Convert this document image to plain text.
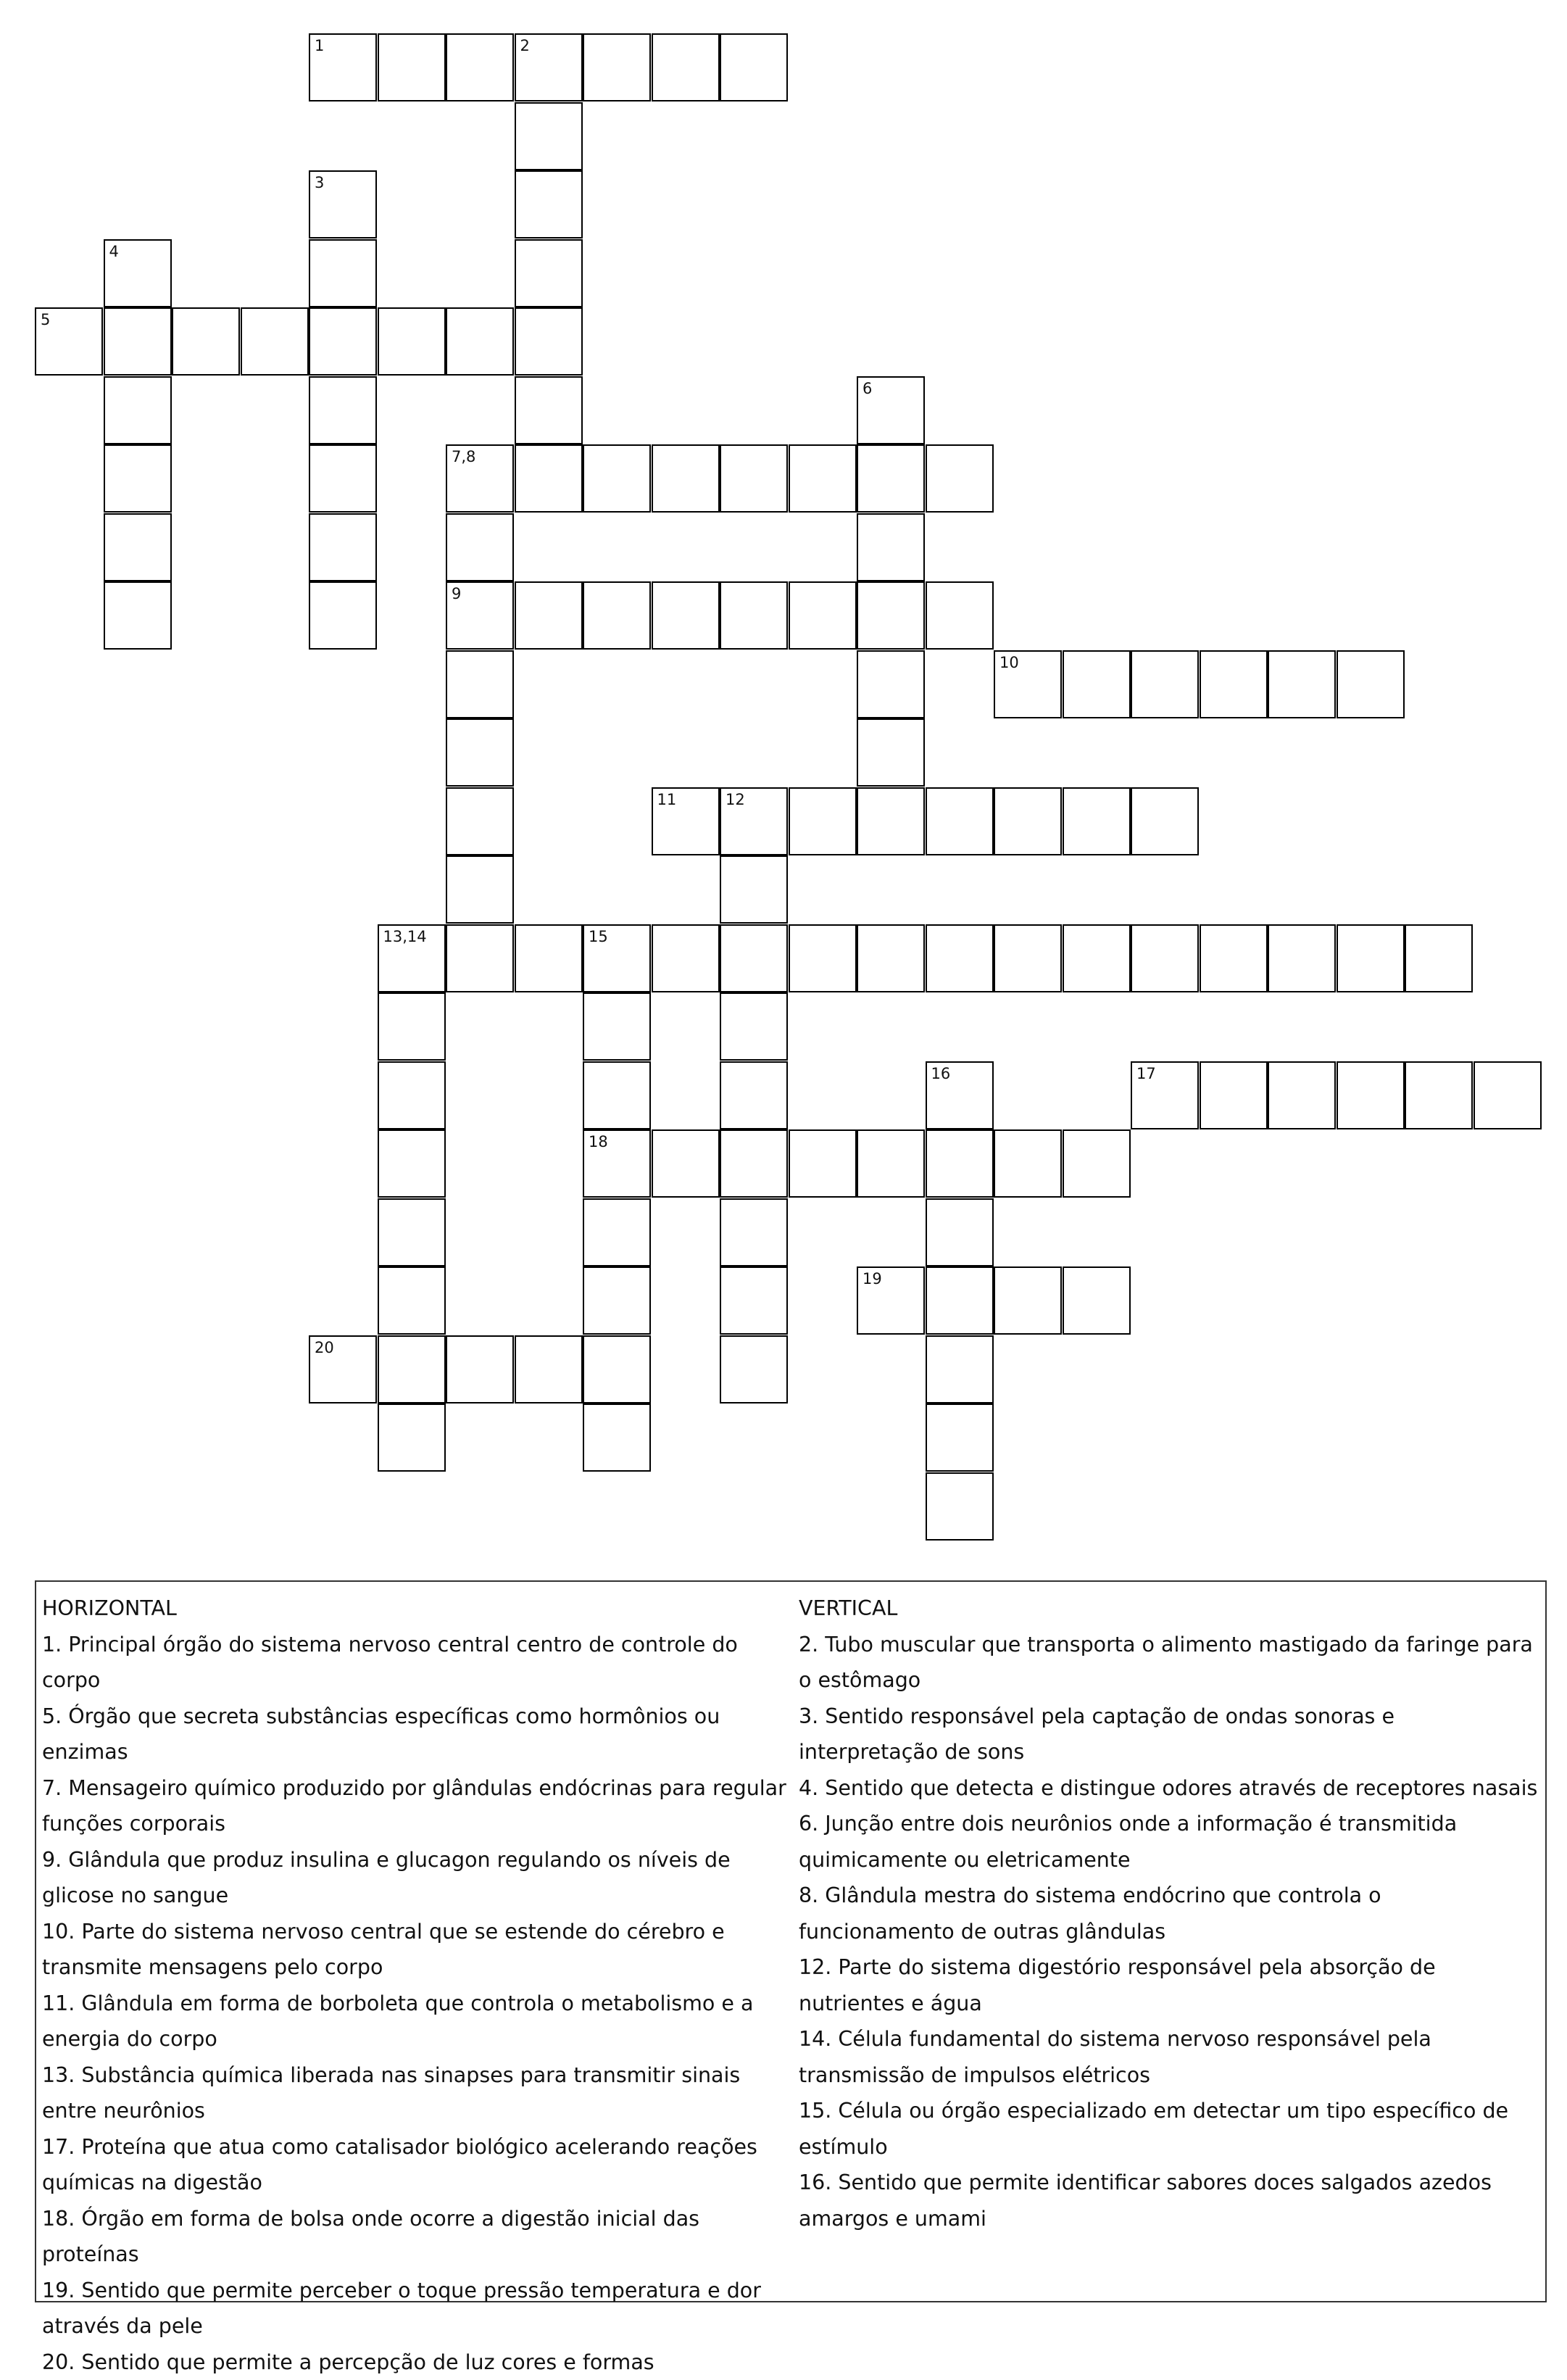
1	2
3
4
5
6
7,8
9
10
11	12
13,14	15
16	17
18
19
20
HORIZONTAL
1. Principal órgão do sistema nervoso central centro de controle do corpo
5. Órgão que secreta substâncias específicas como hormônios ou enzimas
7. Mensageiro químico produzido por glândulas endócrinas para regular funções corporais
9. Glândula que produz insulina e glucagon regulando os níveis de glicose no sangue
10. Parte do sistema nervoso central que se estende do cérebro e transmite mensagens pelo corpo
11. Glândula em forma de borboleta que controla o metabolismo e a energia do corpo
13. Substância química liberada nas sinapses para transmitir sinais entre neurônios
17. Proteína que atua como catalisador biológico acelerando reações químicas na digestão
18. Órgão em forma de bolsa onde ocorre a digestão inicial das proteínas
19. Sentido que permite perceber o toque pressão temperatura e dor através da pele
20. Sentido que permite a percepção de luz cores e formas
VERTICAL
2. Tubo muscular que transporta o alimento mastigado da faringe para o estômago
3. Sentido responsável pela captação de ondas sonoras e interpretação de sons
4. Sentido que detecta e distingue odores através de receptores nasais
6. Junção entre dois neurônios onde a informação é transmitida quimicamente ou eletricamente
8. Glândula mestra do sistema endócrino que controla o funcionamento de outras glândulas
12. Parte do sistema digestório responsável pela absorção de nutrientes e água
14. Célula fundamental do sistema nervoso responsável pela transmissão de impulsos elétricos
15. Célula ou órgão especializado em detectar um tipo específico de estímulo
16. Sentido que permite identificar sabores doces salgados azedos amargos e umami
